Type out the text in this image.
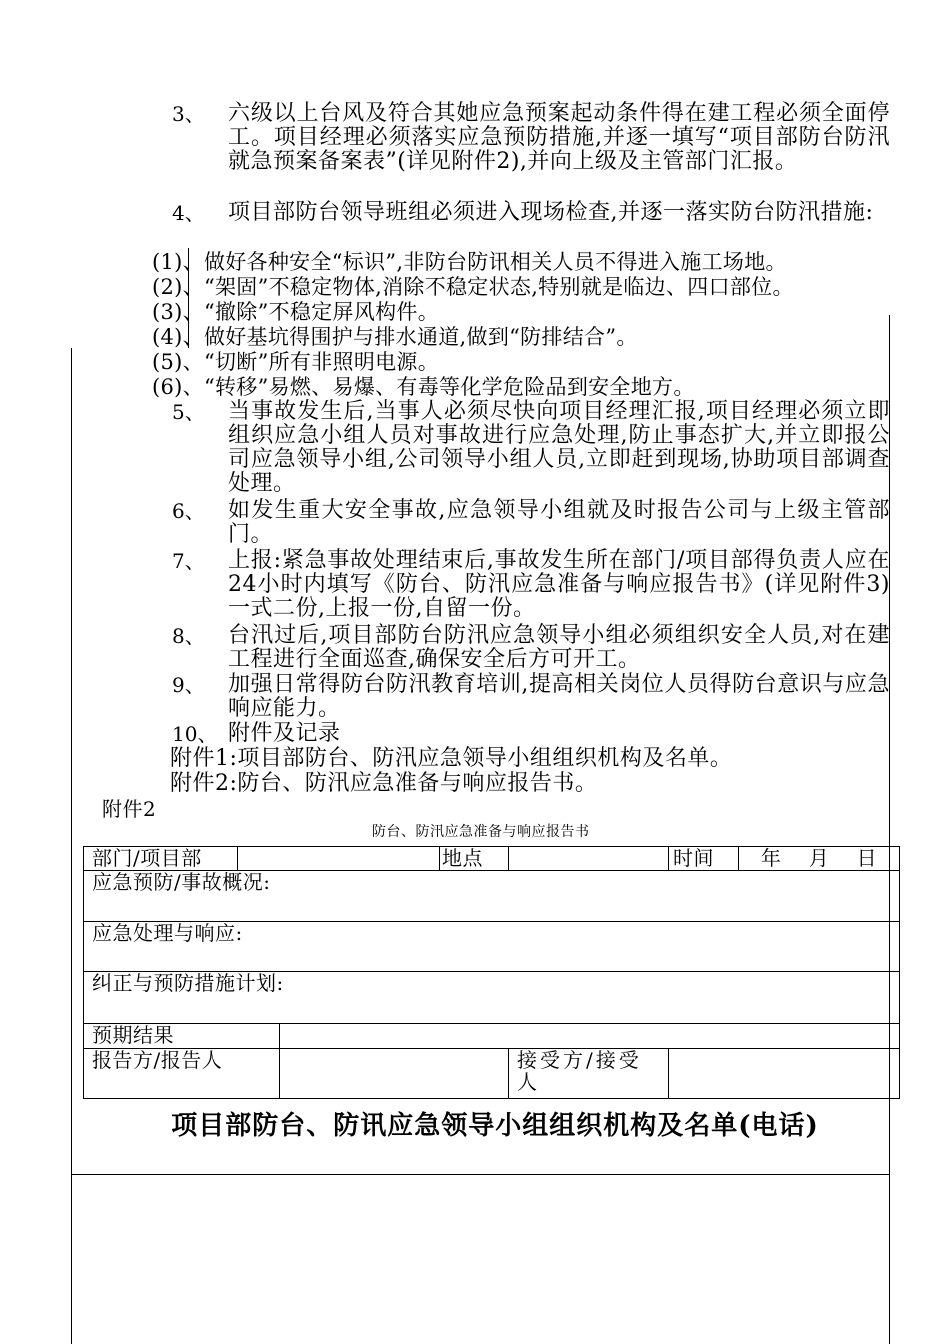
3、 六级以上台风及符合其她应急预案起动条件得在建工程必须全面停工。项目经理必须落实应急预防措施,并逐一填写“项目部防台防汛就急预案备案表”(详见附件2),并向上级及主管部门汇报。
4、 项目部防台领导班组必须进入现场检查,并逐一落实防台防汛措施:
(1)、做好各种安全“标识”,非防台防讯相关人员不得进入施工场地。
(2)、“架固”不稳定物体,消除不稳定状态,特别就是临边、四口部位。
(3)、“撤除”不稳定屏风构件。
(4)、做好基坑得围护与排水通道,做到“防排结合”。
(5)、“切断”所有非照明电源。
(6)、“转移”易燃、易爆、有毒等化学危险品到安全地方。
5、 当事故发生后,当事人必须尽快向项目经理汇报,项目经理必须立即组织应急小组人员对事故进行应急处理,防止事态扩大,并立即报公司应急领导小组,公司领导小组人员,立即赶到现场,协助项目部调查处理。
6、 如发生重大安全事故,应急领导小组就及时报告公司与上级主管部门。
7、 上报:紧急事故处理结束后,事故发生所在部门/项目部得负责人应在24小时内填写《防台、防汛应急准备与响应报告书》(详见附件3)一式二份,上报一份,自留一份。
8、 台汛过后,项目部防台防汛应急领导小组必须组织安全人员,对在建工程进行全面巡查,确保安全后方可开工。
9、 加强日常得防台防汛教育培训,提高相关岗位人员得防台意识与应急响应能力。
10、 附件及记录
附件1:项目部防台、防汛应急领导小组组织机构及名单。
附件2:防台、防汛应急准备与响应报告书。
附件2
防台、防汛应急准备与响应报告书
部门/项目部			地点		时间	年    月    日
应急预防/事故概况:						
应急处理与响应:						
纠正与预防措施计划:						
预期结果						
报告方/报告人				接受方/接受人		
项目部防台、防讯应急领导小组组织机构及名单(电话)
